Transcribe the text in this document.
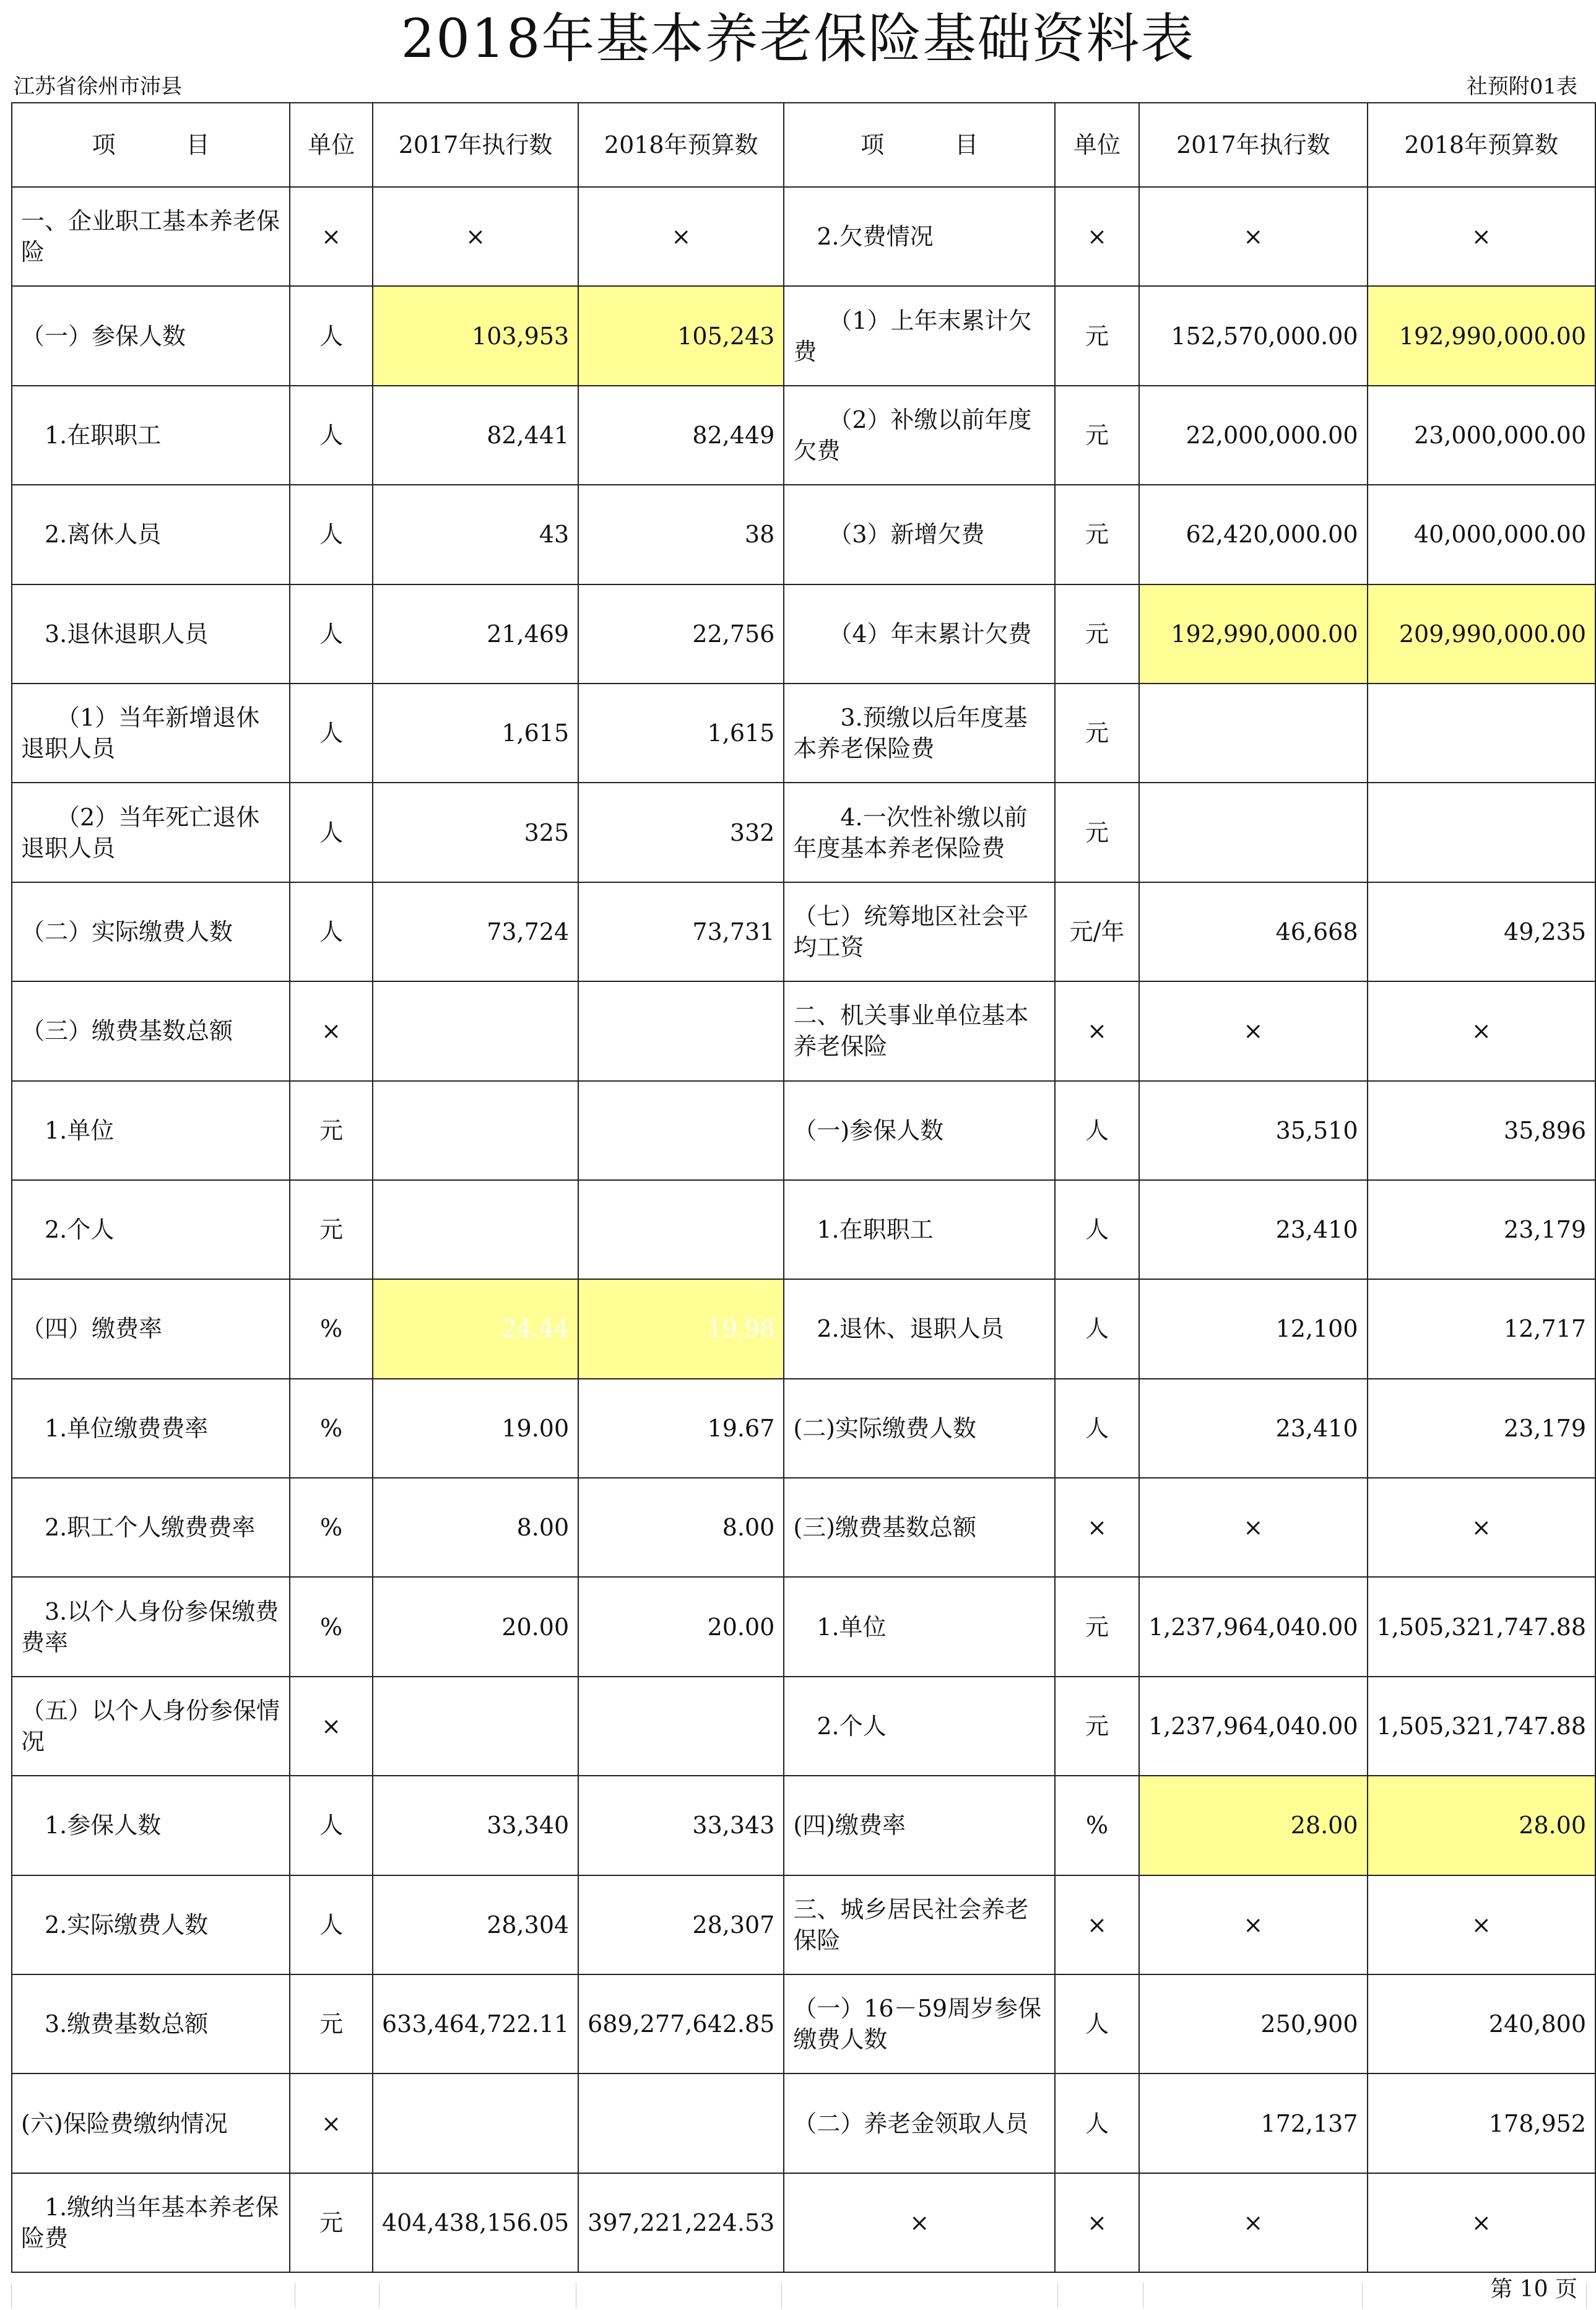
2018年基本养老保险基础资料表
江苏省徐州市沛县	社预附01表
项　　　目	单位	2017年执行数	2018年预算数	项　　　目	单位	2017年执行数	2018年预算数
一、企业职工基本养老保险	×	×	×	　2.欠费情况	×	×	×
（一）参保人数	人	103,953	105,243	　　（1）上年末累计欠费	元	152,570,000.00	192,990,000.00
　1.在职职工	人	82,441	82,449	　　（2）补缴以前年度欠费	元	22,000,000.00	23,000,000.00
　2.离休人员	人	43	38	　　（3）新增欠费	元	62,420,000.00	40,000,000.00
　3.退休退职人员	人	21,469	22,756	　　（4）年末累计欠费	元	192,990,000.00	209,990,000.00
　　（1）当年新增退休退职人员	人	1,615	1,615	　　3.预缴以后年度基本养老保险费	元		
　　（2）当年死亡退休退职人员	人	325	332	　　4.一次性补缴以前年度基本养老保险费	元		
（二）实际缴费人数	人	73,724	73,731	（七）统筹地区社会平均工资	元/年	46,668	49,235
（三）缴费基数总额	×			二、机关事业单位基本养老保险	×	×	×
　1.单位	元			（一)参保人数	人	35,510	35,896
　2.个人	元			　1.在职职工	人	23,410	23,179
（四）缴费率	%	24.44	19.98	　2.退休、退职人员	人	12,100	12,717
　1.单位缴费费率	%	19.00	19.67	(二)实际缴费人数	人	23,410	23,179
　2.职工个人缴费费率	%	8.00	8.00	(三)缴费基数总额	×	×	×
　3.以个人身份参保缴费费率	%	20.00	20.00	　1.单位	元	1,237,964,040.00	1,505,321,747.88
（五）以个人身份参保情况	×			　2.个人	元	1,237,964,040.00	1,505,321,747.88
　1.参保人数	人	33,340	33,343	(四)缴费率	%	28.00	28.00
　2.实际缴费人数	人	28,304	28,307	三、城乡居民社会养老保险	×	×	×
　3.缴费基数总额	元	633,464,722.11	689,277,642.85	（一）16－59周岁参保缴费人数	人	250,900	240,800
(六)保险费缴纳情况	×			（二）养老金领取人员	人	172,137	178,952
　1.缴纳当年基本养老保险费	元	404,438,156.05	397,221,224.53	×	×	×	×
第 10 页
